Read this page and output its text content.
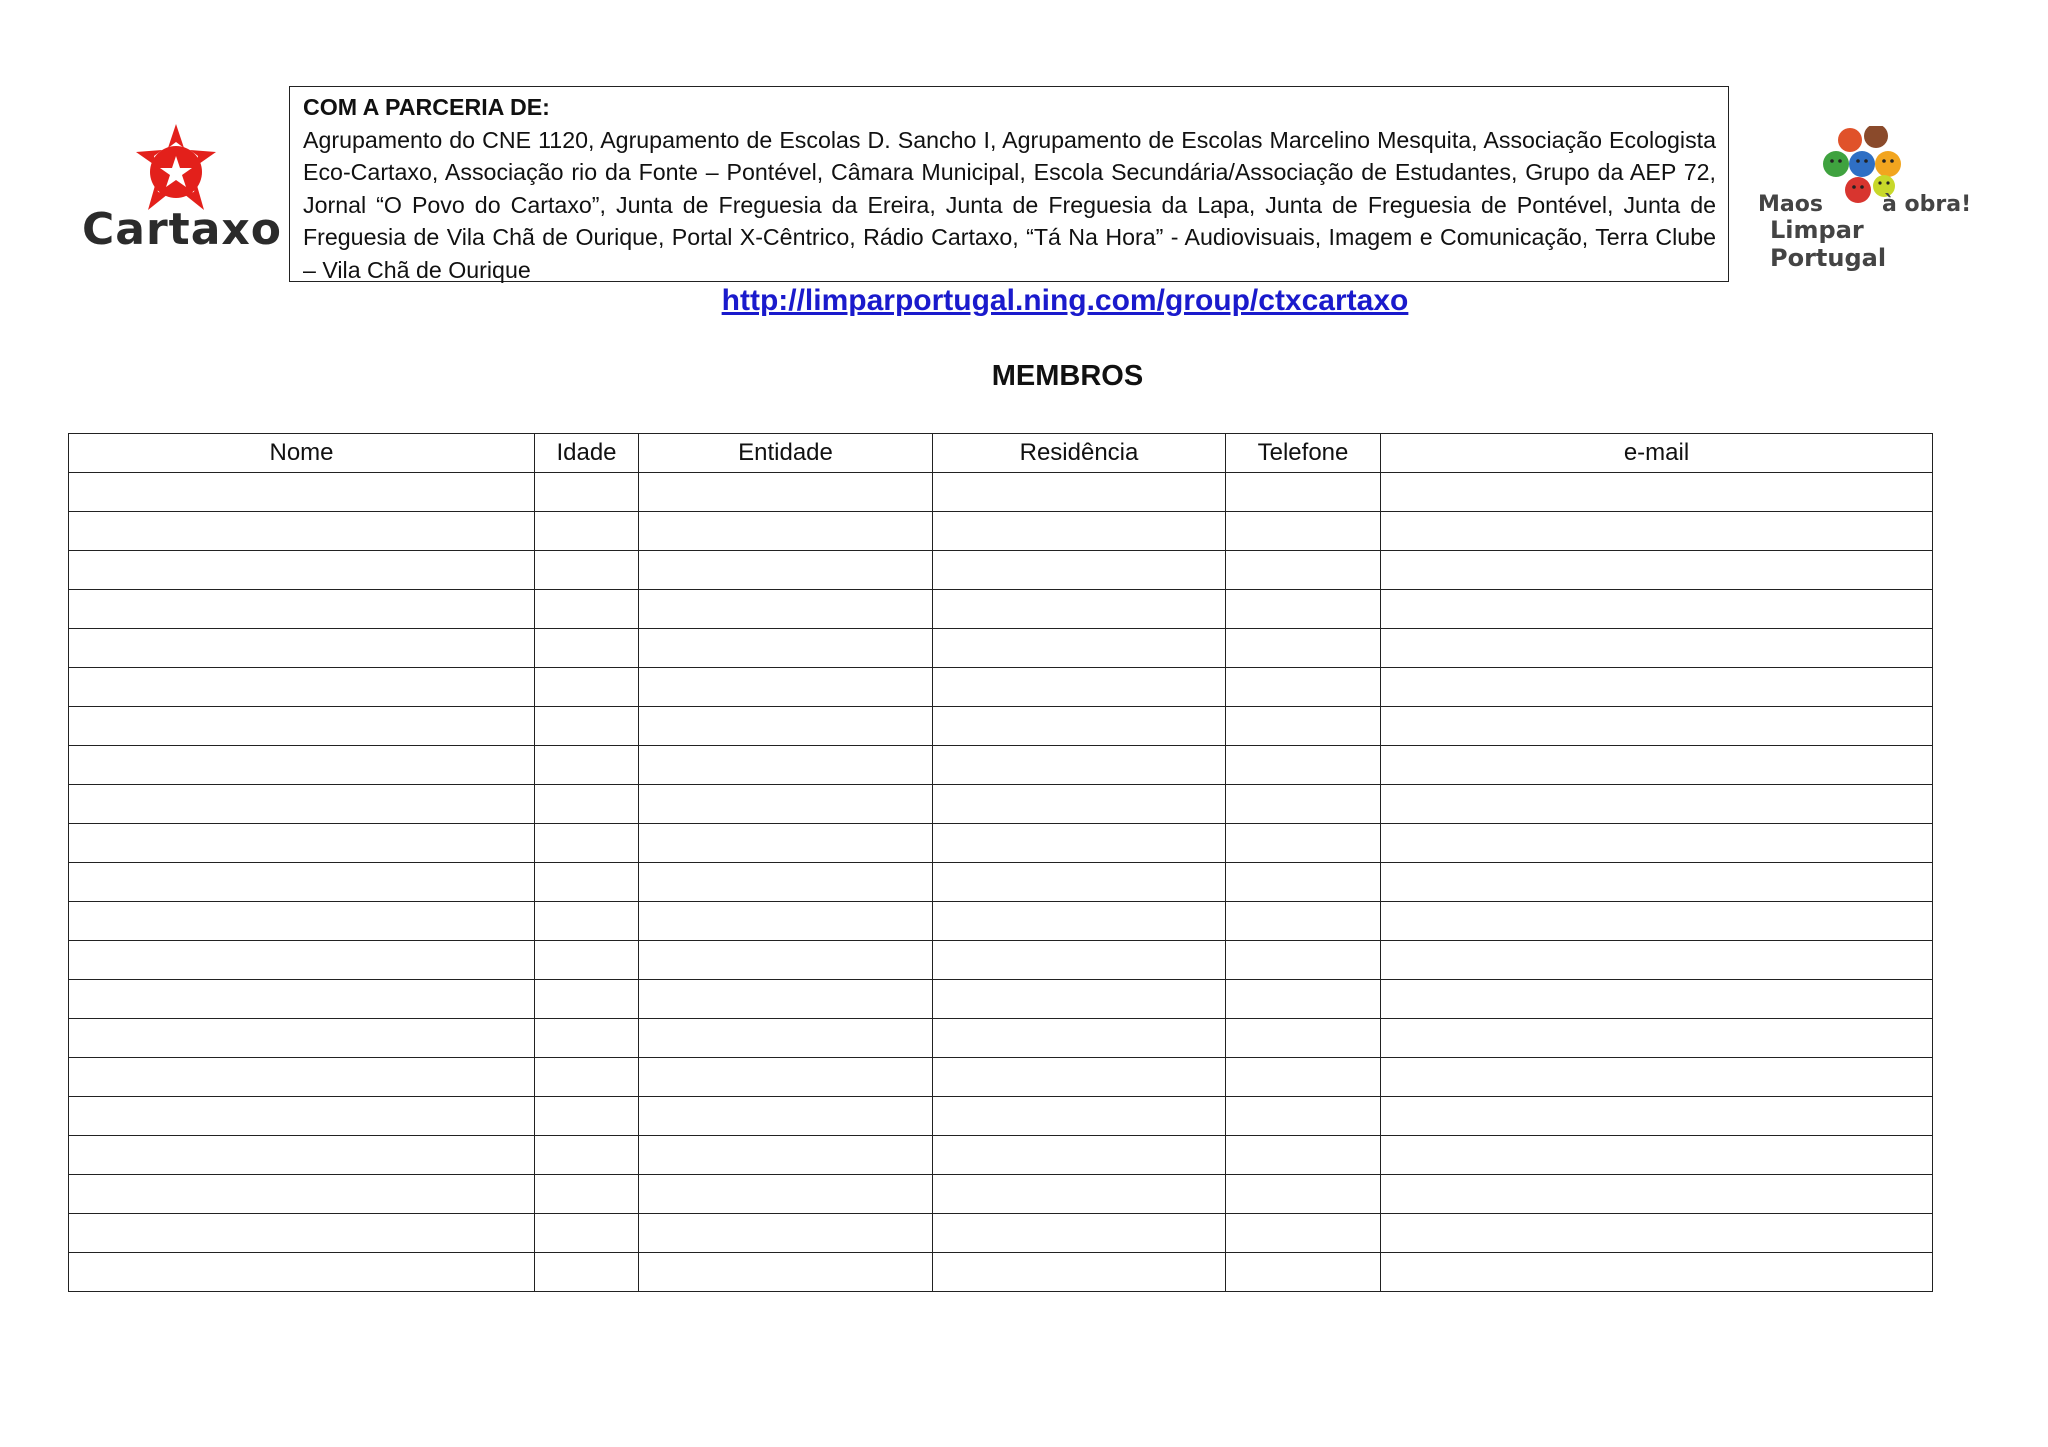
Cartaxo	Maos	à obra!
Limpar Portugal
COM A PARCERIA DE:
Agrupamento do CNE 1120, Agrupamento de Escolas D. Sancho I, Agrupamento de Escolas Marcelino Mesquita, Associação Ecologista Eco-Cartaxo, Associação rio da Fonte – Pontével, Câmara Municipal, Escola Secundária/Associação de Estudantes, Grupo da AEP 72, Jornal “O Povo do Cartaxo”, Junta de Freguesia da Ereira, Junta de Freguesia da Lapa, Junta de Freguesia de Pontével, Junta de Freguesia de Vila Chã de Ourique, Portal X-Cêntrico, Rádio Cartaxo, “Tá Na Hora” - Audiovisuais, Imagem e Comunicação, Terra Clube – Vila Chã de Ourique
http://limparportugal.ning.com/group/ctxcartaxo
MEMBROS
Nome	Idade	Entidade	Residência	Telefone	e-mail
